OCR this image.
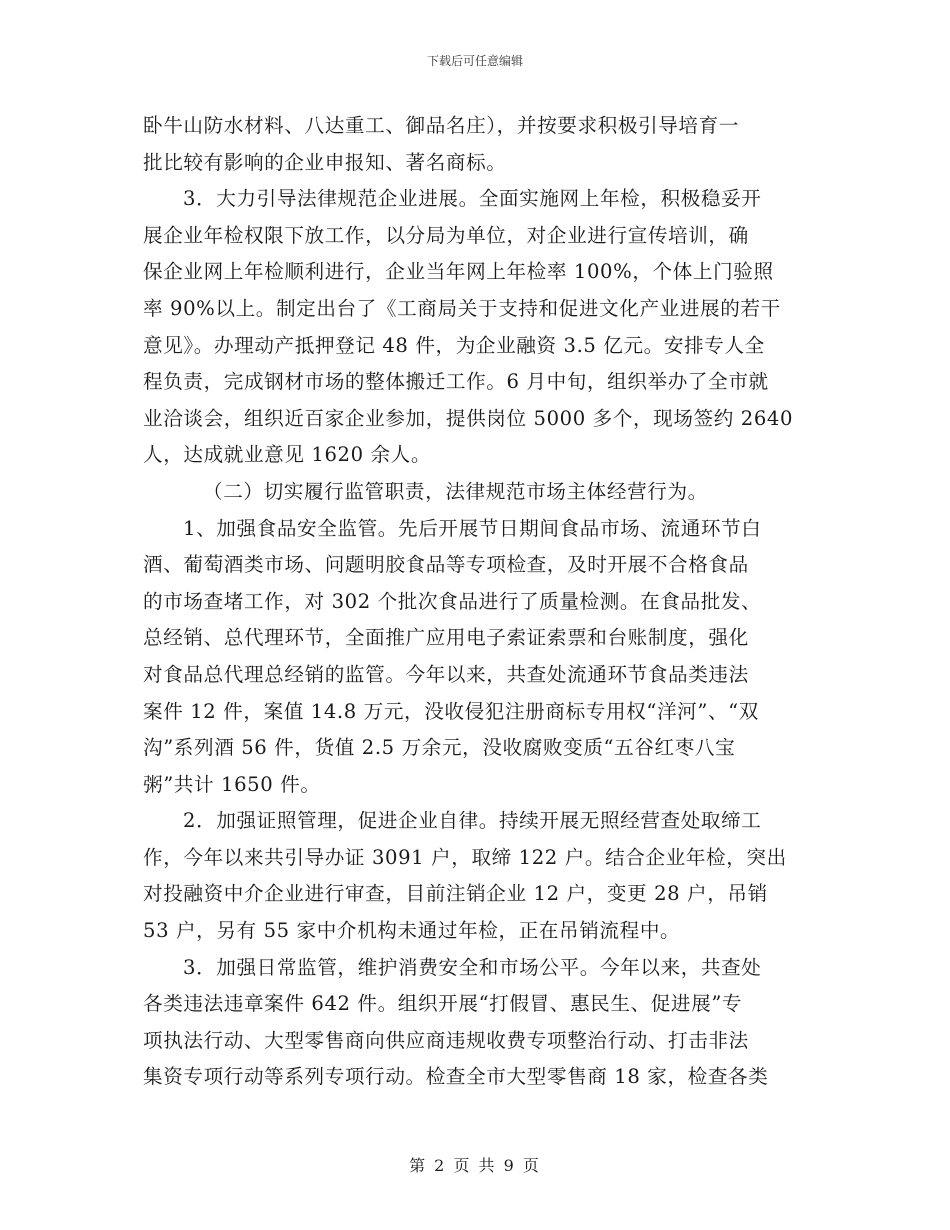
下载后可任意编辑
卧牛山防水材料、八达重工、御品名庄），并按要求积极引导培育一
批比较有影响的企业申报知、著名商标。
3．大力引导法律规范企业进展。全面实施网上年检，积极稳妥开
展企业年检权限下放工作，以分局为单位，对企业进行宣传培训，确
保企业网上年检顺利进行，企业当年网上年检率 100%，个体上门验照
率 90%以上。制定出台了《工商局关于支持和促进文化产业进展的若干
意见》。办理动产抵押登记 48 件，为企业融资 3.5 亿元。安排专人全
程负责，完成钢材市场的整体搬迁工作。6 月中旬，组织举办了全市就
业洽谈会，组织近百家企业参加，提供岗位 5000 多个，现场签约 2640
人，达成就业意见 1620 余人。
（二）切实履行监管职责，法律规范市场主体经营行为。
1、加强食品安全监管。先后开展节日期间食品市场、流通环节白
酒、葡萄酒类市场、问题明胶食品等专项检查，及时开展不合格食品
的市场查堵工作，对 302 个批次食品进行了质量检测。在食品批发、
总经销、总代理环节，全面推广应用电子索证索票和台账制度，强化
对食品总代理总经销的监管。今年以来，共查处流通环节食品类违法
案件 12 件，案值 14.8 万元，没收侵犯注册商标专用权“洋河”、“双
沟”系列酒 56 件，货值 2.5 万余元，没收腐败变质“五谷红枣八宝
粥”共计 1650 件。
2．加强证照管理，促进企业自律。持续开展无照经营查处取缔工
作，今年以来共引导办证 3091 户，取缔 122 户。结合企业年检，突出
对投融资中介企业进行审查，目前注销企业 12 户，变更 28 户，吊销
53 户，另有 55 家中介机构未通过年检，正在吊销流程中。
3．加强日常监管，维护消费安全和市场公平。今年以来，共查处
各类违法违章案件 642 件。组织开展“打假冒、惠民生、促进展”专
项执法行动、大型零售商向供应商违规收费专项整治行动、打击非法
集资专项行动等系列专项行动。检查全市大型零售商 18 家，检查各类
第 2 页 共 9 页
